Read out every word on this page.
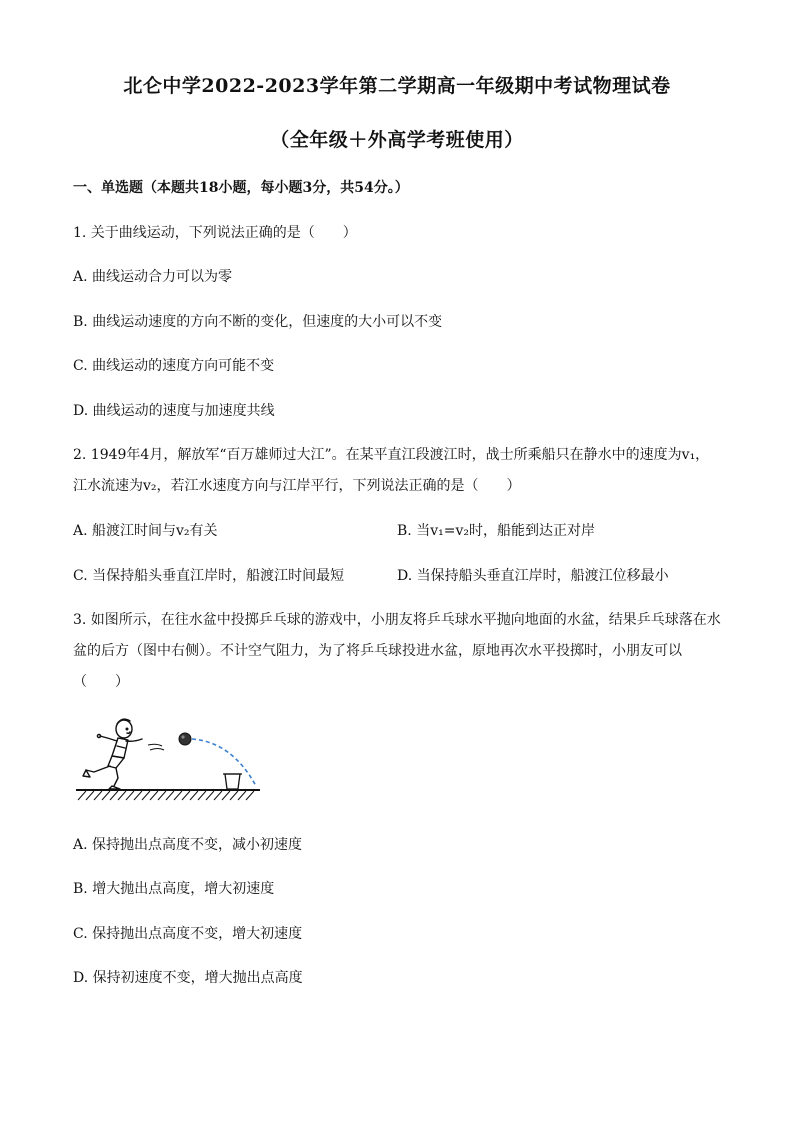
北仑中学2022-2023学年第二学期高一年级期中考试物理试卷
（全年级＋外高学考班使用）
一、单选题（本题共18小题，每小题3分，共54分。）
1. 关于曲线运动，下列说法正确的是（　　）
A. 曲线运动合力可以为零
B. 曲线运动速度的方向不断的变化，但速度的大小可以不变
C. 曲线运动的速度方向可能不变
D. 曲线运动的速度与加速度共线
2. 1949年4月，解放军“百万雄师过大江”。在某平直江段渡江时，战士所乘船只在静水中的速度为v₁，
江水流速为v₂，若江水速度方向与江岸平行，下列说法正确的是（　　）
A. 船渡江时间与v₂有关	B. 当v₁=v₂时，船能到达正对岸
C. 当保持船头垂直江岸时，船渡江时间最短	D. 当保持船头垂直江岸时，船渡江位移最小
3. 如图所示，在往水盆中投掷乒乓球的游戏中，小朋友将乒乓球水平抛向地面的水盆，结果乒乓球落在水
盆的后方（图中右侧）。不计空气阻力，为了将乒乓球投进水盆，原地再次水平投掷时，小朋友可以
（　　）
A. 保持抛出点高度不变，减小初速度
B. 增大抛出点高度，增大初速度
C. 保持抛出点高度不变，增大初速度
D. 保持初速度不变，增大抛出点高度
